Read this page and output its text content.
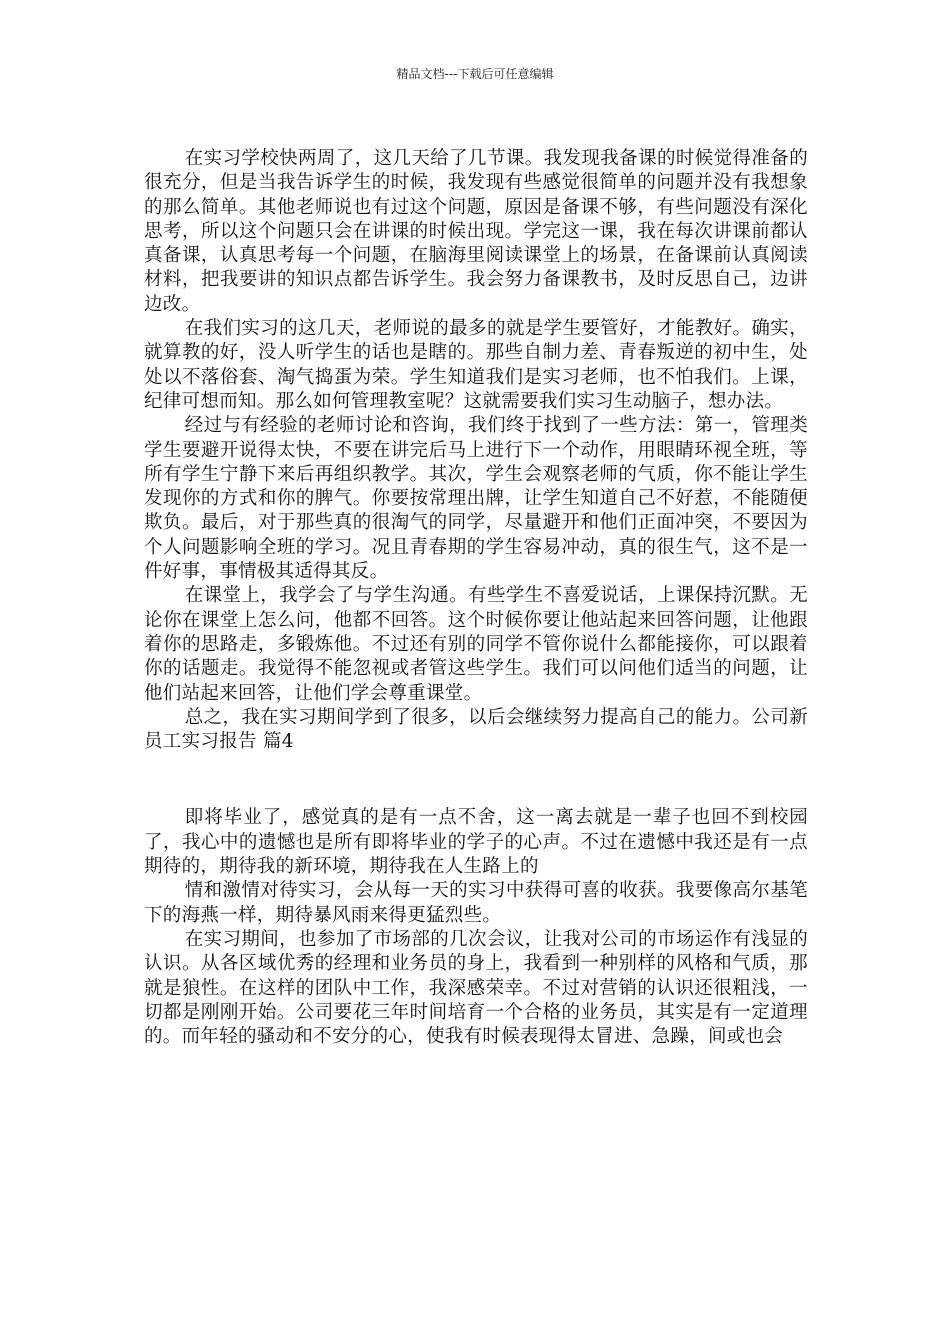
精品文档---下载后可任意编辑

在实习学校快两周了，这几天给了几节课。我发现我备课的时候觉得准备的很充分，但是当我告诉学生的时候，我发现有些感觉很简单的问题并没有我想象的那么简单。其他老师说也有过这个问题，原因是备课不够，有些问题没有深化思考，所以这个问题只会在讲课的时候出现。学完这一课，我在每次讲课前都认真备课，认真思考每一个问题，在脑海里阅读课堂上的场景，在备课前认真阅读材料，把我要讲的知识点都告诉学生。我会努力备课教书，及时反思自己，边讲边改。

在我们实习的这几天，老师说的最多的就是学生要管好，才能教好。确实，就算教的好，没人听学生的话也是瞎的。那些自制力差、青春叛逆的初中生，处处以不落俗套、淘气捣蛋为荣。学生知道我们是实习老师，也不怕我们。上课，纪律可想而知。那么如何管理教室呢？这就需要我们实习生动脑子，想办法。

经过与有经验的老师讨论和咨询，我们终于找到了一些方法：第一，管理类学生要避开说得太快，不要在讲完后马上进行下一个动作，用眼睛环视全班，等所有学生宁静下来后再组织教学。其次，学生会观察老师的气质，你不能让学生发现你的方式和你的脾气。你要按常理出牌，让学生知道自己不好惹，不能随便欺负。最后，对于那些真的很淘气的同学，尽量避开和他们正面冲突，不要因为个人问题影响全班的学习。况且青春期的学生容易冲动，真的很生气，这不是一件好事，事情极其适得其反。

在课堂上，我学会了与学生沟通。有些学生不喜爱说话，上课保持沉默。无论你在课堂上怎么问，他都不回答。这个时候你要让他站起来回答问题，让他跟着你的思路走，多锻炼他。不过还有别的同学不管你说什么都能接你，可以跟着你的话题走。我觉得不能忽视或者管这些学生。我们可以问他们适当的问题，让他们站起来回答，让他们学会尊重课堂。

总之，我在实习期间学到了很多，以后会继续努力提高自己的能力。公司新员工实习报告 篇4

即将毕业了，感觉真的是有一点不舍，这一离去就是一辈子也回不到校园了，我心中的遗憾也是所有即将毕业的学子的心声。不过在遗憾中我还是有一点期待的，期待我的新环境，期待我在人生路上的

情和激情对待实习，会从每一天的实习中获得可喜的收获。我要像高尔基笔下的海燕一样，期待暴风雨来得更猛烈些。

在实习期间，也参加了市场部的几次会议，让我对公司的市场运作有浅显的认识。从各区域优秀的经理和业务员的身上，我看到一种别样的风格和气质，那就是狼性。在这样的团队中工作，我深感荣幸。不过对营销的认识还很粗浅，一切都是刚刚开始。公司要花三年时间培育一个合格的业务员，其实是有一定道理的。而年轻的骚动和不安分的心，使我有时候表现得太冒进、急躁，间或也会
